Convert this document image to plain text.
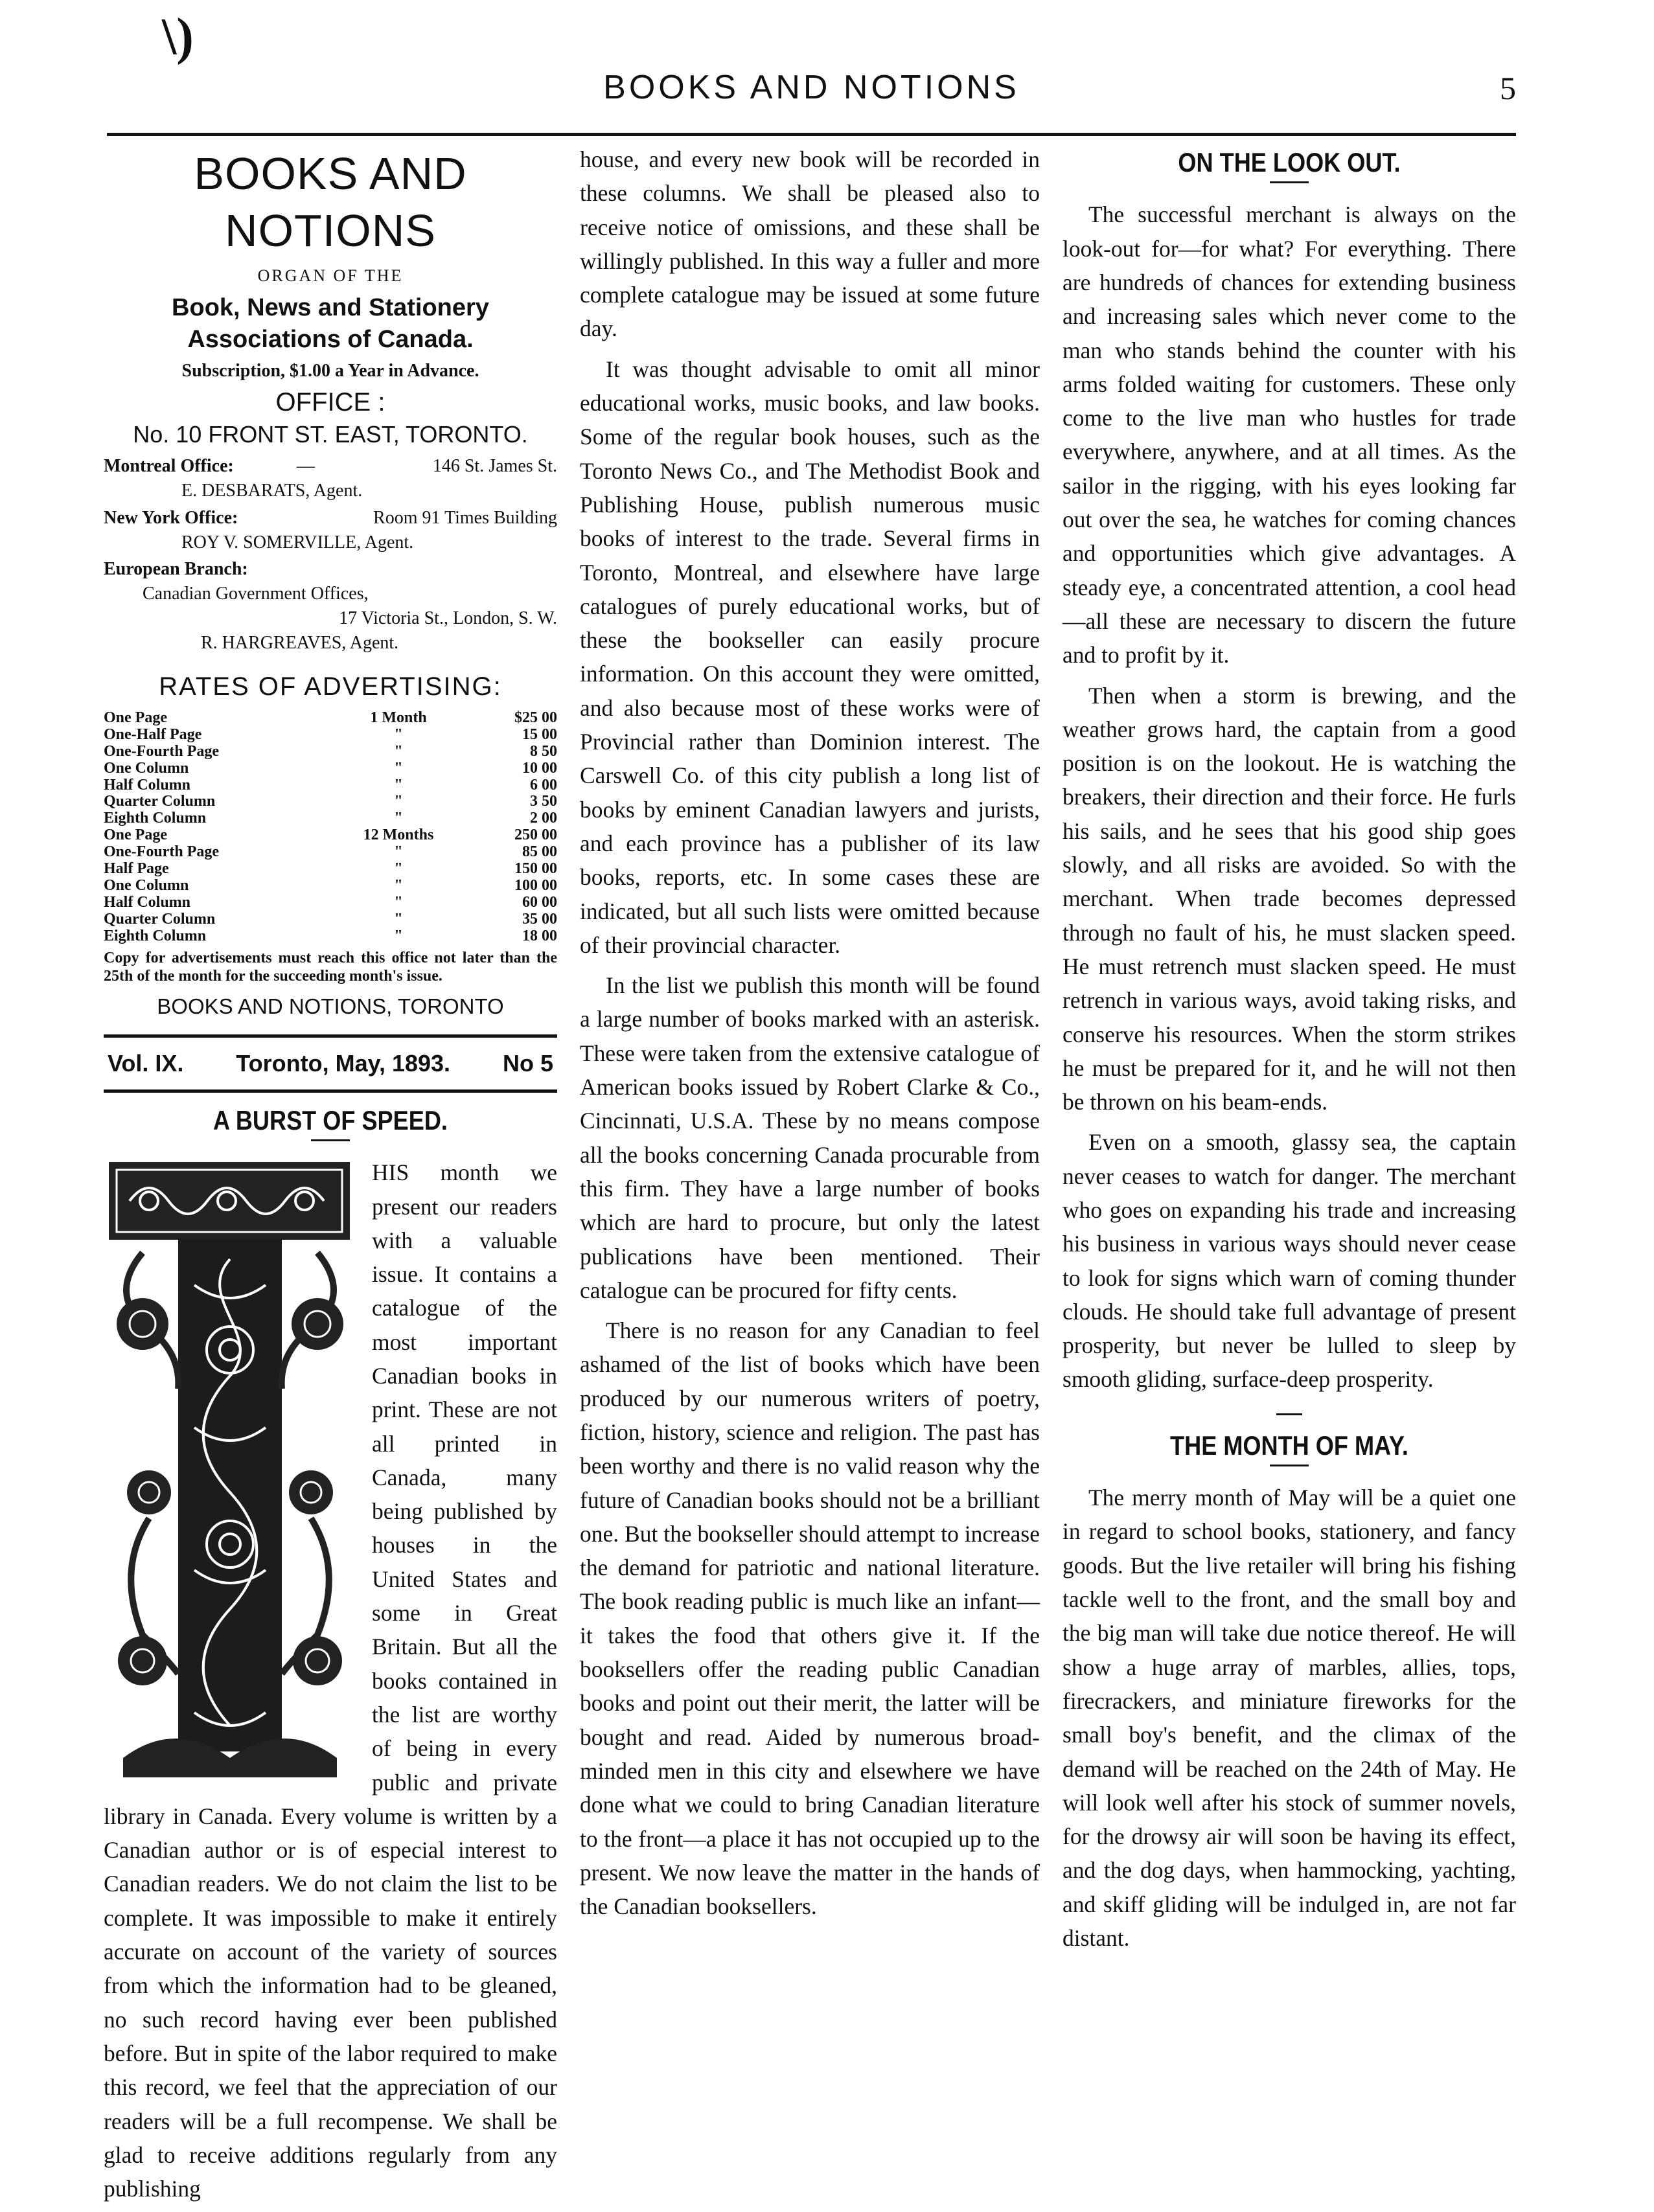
\)
BOOKS AND NOTIONS	5
BOOKS AND NOTIONS
ORGAN OF THE
Book, News and Stationery Associations of Canada.
Subscription, $1.00 a Year in Advance.
OFFICE :
No. 10 FRONT ST. EAST, TORONTO.
Montreal Office:	—	146 St. James St.
E. DESBARATS, Agent.
New York Office:	Room 91 Times Building
ROY V. SOMERVILLE, Agent.
European Branch:
Canadian Government Offices,
17 Victoria St., London, S. W.
R. HARGREAVES, Agent.
RATES OF ADVERTISING:
One Page	1 Month	$25 00
One-Half Page	"	15 00
One-Fourth Page	"	8 50
One Column	"	10 00
Half Column	"	6 00
Quarter Column	"	3 50
Eighth Column	"	2 00
One Page	12 Months	250 00
One-Fourth Page	"	85 00
Half Page	"	150 00
One Column	"	100 00
Half Column	"	60 00
Quarter Column	"	35 00
Eighth Column	"	18 00
Copy for advertisements must reach this office not later than the 25th of the month for the succeeding month's issue.
BOOKS AND NOTIONS, TORONTO
Vol. IX. Toronto, May, 1893. No 5
A BURST OF SPEED.

HIS month we present our readers with a valuable issue. It contains a catalogue of the most important Canadian books in print. These are not all printed in Canada, many being published by houses in the United States and some in Great Britain. But all the books contained in the list are worthy of being in every public and private library in Canada. Every volume is written by a Canadian author or is of especial interest to Canadian readers. We do not claim the list to be complete. It was impossible to make it entirely accurate on account of the variety of sources from which the information had to be gleaned, no such record having ever been published before. But in spite of the labor required to make this record, we feel that the appreciation of our readers will be a full recompense. We shall be glad to receive additions regularly from any publishing

house, and every new book will be recorded in these columns. We shall be pleased also to receive notice of omissions, and these shall be willingly published. In this way a fuller and more complete catalogue may be issued at some future day.

It was thought advisable to omit all minor educational works, music books, and law books. Some of the regular book houses, such as the Toronto News Co., and The Methodist Book and Publishing House, publish numerous music books of interest to the trade. Several firms in Toronto, Montreal, and elsewhere have large catalogues of purely educational works, but of these the bookseller can easily procure information. On this account they were omitted, and also because most of these works were of Provincial rather than Dominion interest. The Carswell Co. of this city publish a long list of books by eminent Canadian lawyers and jurists, and each province has a publisher of its law books, reports, etc. In some cases these are indicated, but all such lists were omitted because of their provincial character.

In the list we publish this month will be found a large number of books marked with an asterisk. These were taken from the extensive catalogue of American books issued by Robert Clarke & Co., Cincinnati, U.S.A. These by no means compose all the books concerning Canada procurable from this firm. They have a large number of books which are hard to procure, but only the latest publications have been mentioned. Their catalogue can be procured for fifty cents.

There is no reason for any Canadian to feel ashamed of the list of books which have been produced by our numerous writers of poetry, fiction, history, science and religion. The past has been worthy and there is no valid reason why the future of Canadian books should not be a brilliant one. But the bookseller should attempt to increase the demand for patriotic and national literature. The book reading public is much like an infant—it takes the food that others give it. If the booksellers offer the reading public Canadian books and point out their merit, the latter will be bought and read. Aided by numerous broad-minded men in this city and elsewhere we have done what we could to bring Canadian literature to the front—a place it has not occupied up to the present. We now leave the matter in the hands of the Canadian booksellers.

ON THE LOOK OUT.

The successful merchant is always on the look-out for—for what? For everything. There are hundreds of chances for extending business and increasing sales which never come to the man who stands behind the counter with his arms folded waiting for customers. These only come to the live man who hustles for trade everywhere, anywhere, and at all times. As the sailor in the rigging, with his eyes looking far out over the sea, he watches for coming chances and opportunities which give advantages. A steady eye, a concentrated attention, a cool head—all these are necessary to discern the future and to profit by it.

Then when a storm is brewing, and the weather grows hard, the captain from a good position is on the lookout. He is watching the breakers, their direction and their force. He furls his sails, and he sees that his good ship goes slowly, and all risks are avoided. So with the merchant. When trade becomes depressed through no fault of his, he must slacken speed. He must retrench must slacken speed. He must retrench in various ways, avoid taking risks, and conserve his resources. When the storm strikes he must be prepared for it, and he will not then be thrown on his beam-ends.

Even on a smooth, glassy sea, the captain never ceases to watch for danger. The merchant who goes on expanding his trade and increasing his business in various ways should never cease to look for signs which warn of coming thunder clouds. He should take full advantage of present prosperity, but never be lulled to sleep by smooth gliding, surface-deep prosperity.

THE MONTH OF MAY.

The merry month of May will be a quiet one in regard to school books, stationery, and fancy goods. But the live retailer will bring his fishing tackle well to the front, and the small boy and the big man will take due notice thereof. He will show a huge array of marbles, allies, tops, firecrackers, and miniature fireworks for the small boy's benefit, and the climax of the demand will be reached on the 24th of May. He will look well after his stock of summer novels, for the drowsy air will soon be having its effect, and the dog days, when hammocking, yachting, and skiff gliding will be indulged in, are not far distant.
